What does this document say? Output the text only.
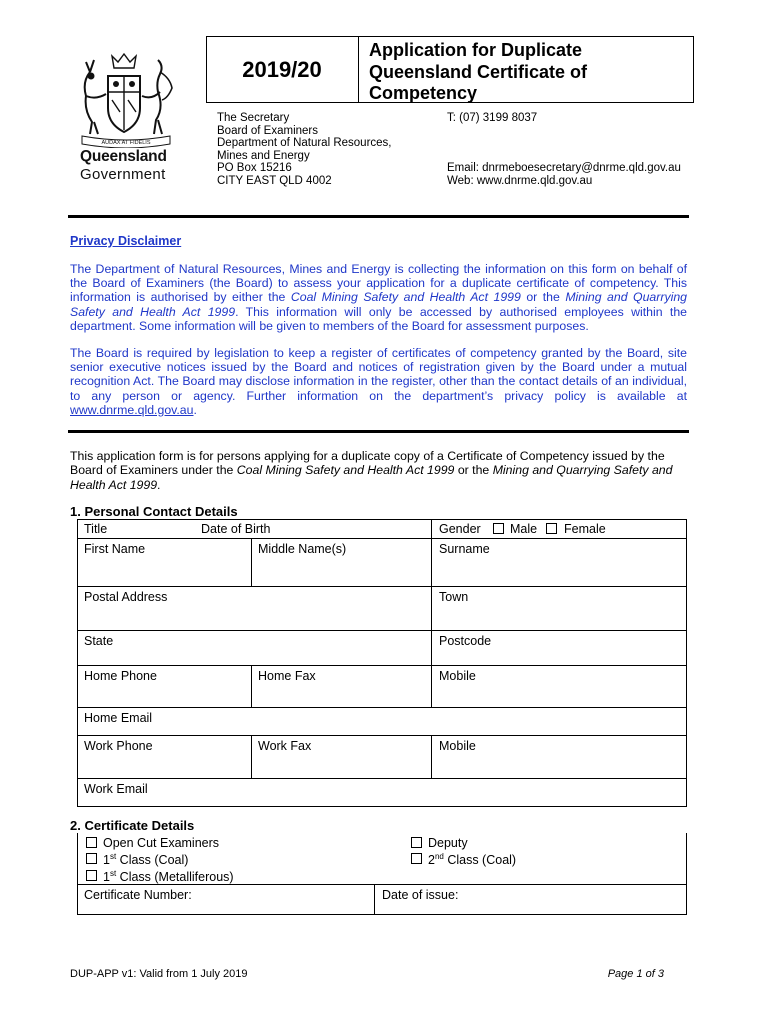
AUDAX AT FIDELIS
Queensland
Government
2019/20
Application for Duplicate
Queensland Certificate of
Competency
The Secretary
Board of Examiners
Department of Natural Resources,
Mines and Energy
PO Box 15216
CITY EAST QLD 4002
T: (07) 3199 8037
Email: dnrmeboesecretary@dnrme.qld.gov.au
Web: www.dnrme.qld.gov.au
Privacy Disclaimer
The Department of Natural Resources, Mines and Energy is collecting the information on this form on behalf of the Board of Examiners (the Board) to assess your application for a duplicate certificate of competency. This information is authorised by either the Coal Mining Safety and Health Act 1999 or the Mining and Quarrying Safety and Health Act 1999. This information will only be accessed by authorised employees within the department. Some information will be given to members of the Board for assessment purposes.
The Board is required by legislation to keep a register of certificates of competency granted by the Board, site senior executive notices issued by the Board and notices of registration given by the Board under a mutual recognition Act. The Board may disclose information in the register, other than the contact details of an individual, to any person or agency. Further information on the department’s privacy policy is available at www.dnrme.qld.gov.au.
This application form is for persons applying for a duplicate copy of a Certificate of Competency issued by the Board of Examiners under the Coal Mining Safety and Health Act 1999 or the Mining and Quarrying Safety and Health Act 1999.
1. Personal Contact Details
Title	Date of Birth	Gender Male Female
First Name	Middle Name(s)	Surname
Postal Address	Town
State	Postcode
Home Phone	Home Fax	Mobile
Home Email
Work Phone	Work Fax	Mobile
Work Email
2. Certificate Details
Open Cut Examiners
1st Class (Coal)
1st Class (Metalliferous)
Deputy
2nd Class (Coal)
Certificate Number:	Date of issue:
DUP-APP v1: Valid from 1 July 2019	Page 1 of 3
